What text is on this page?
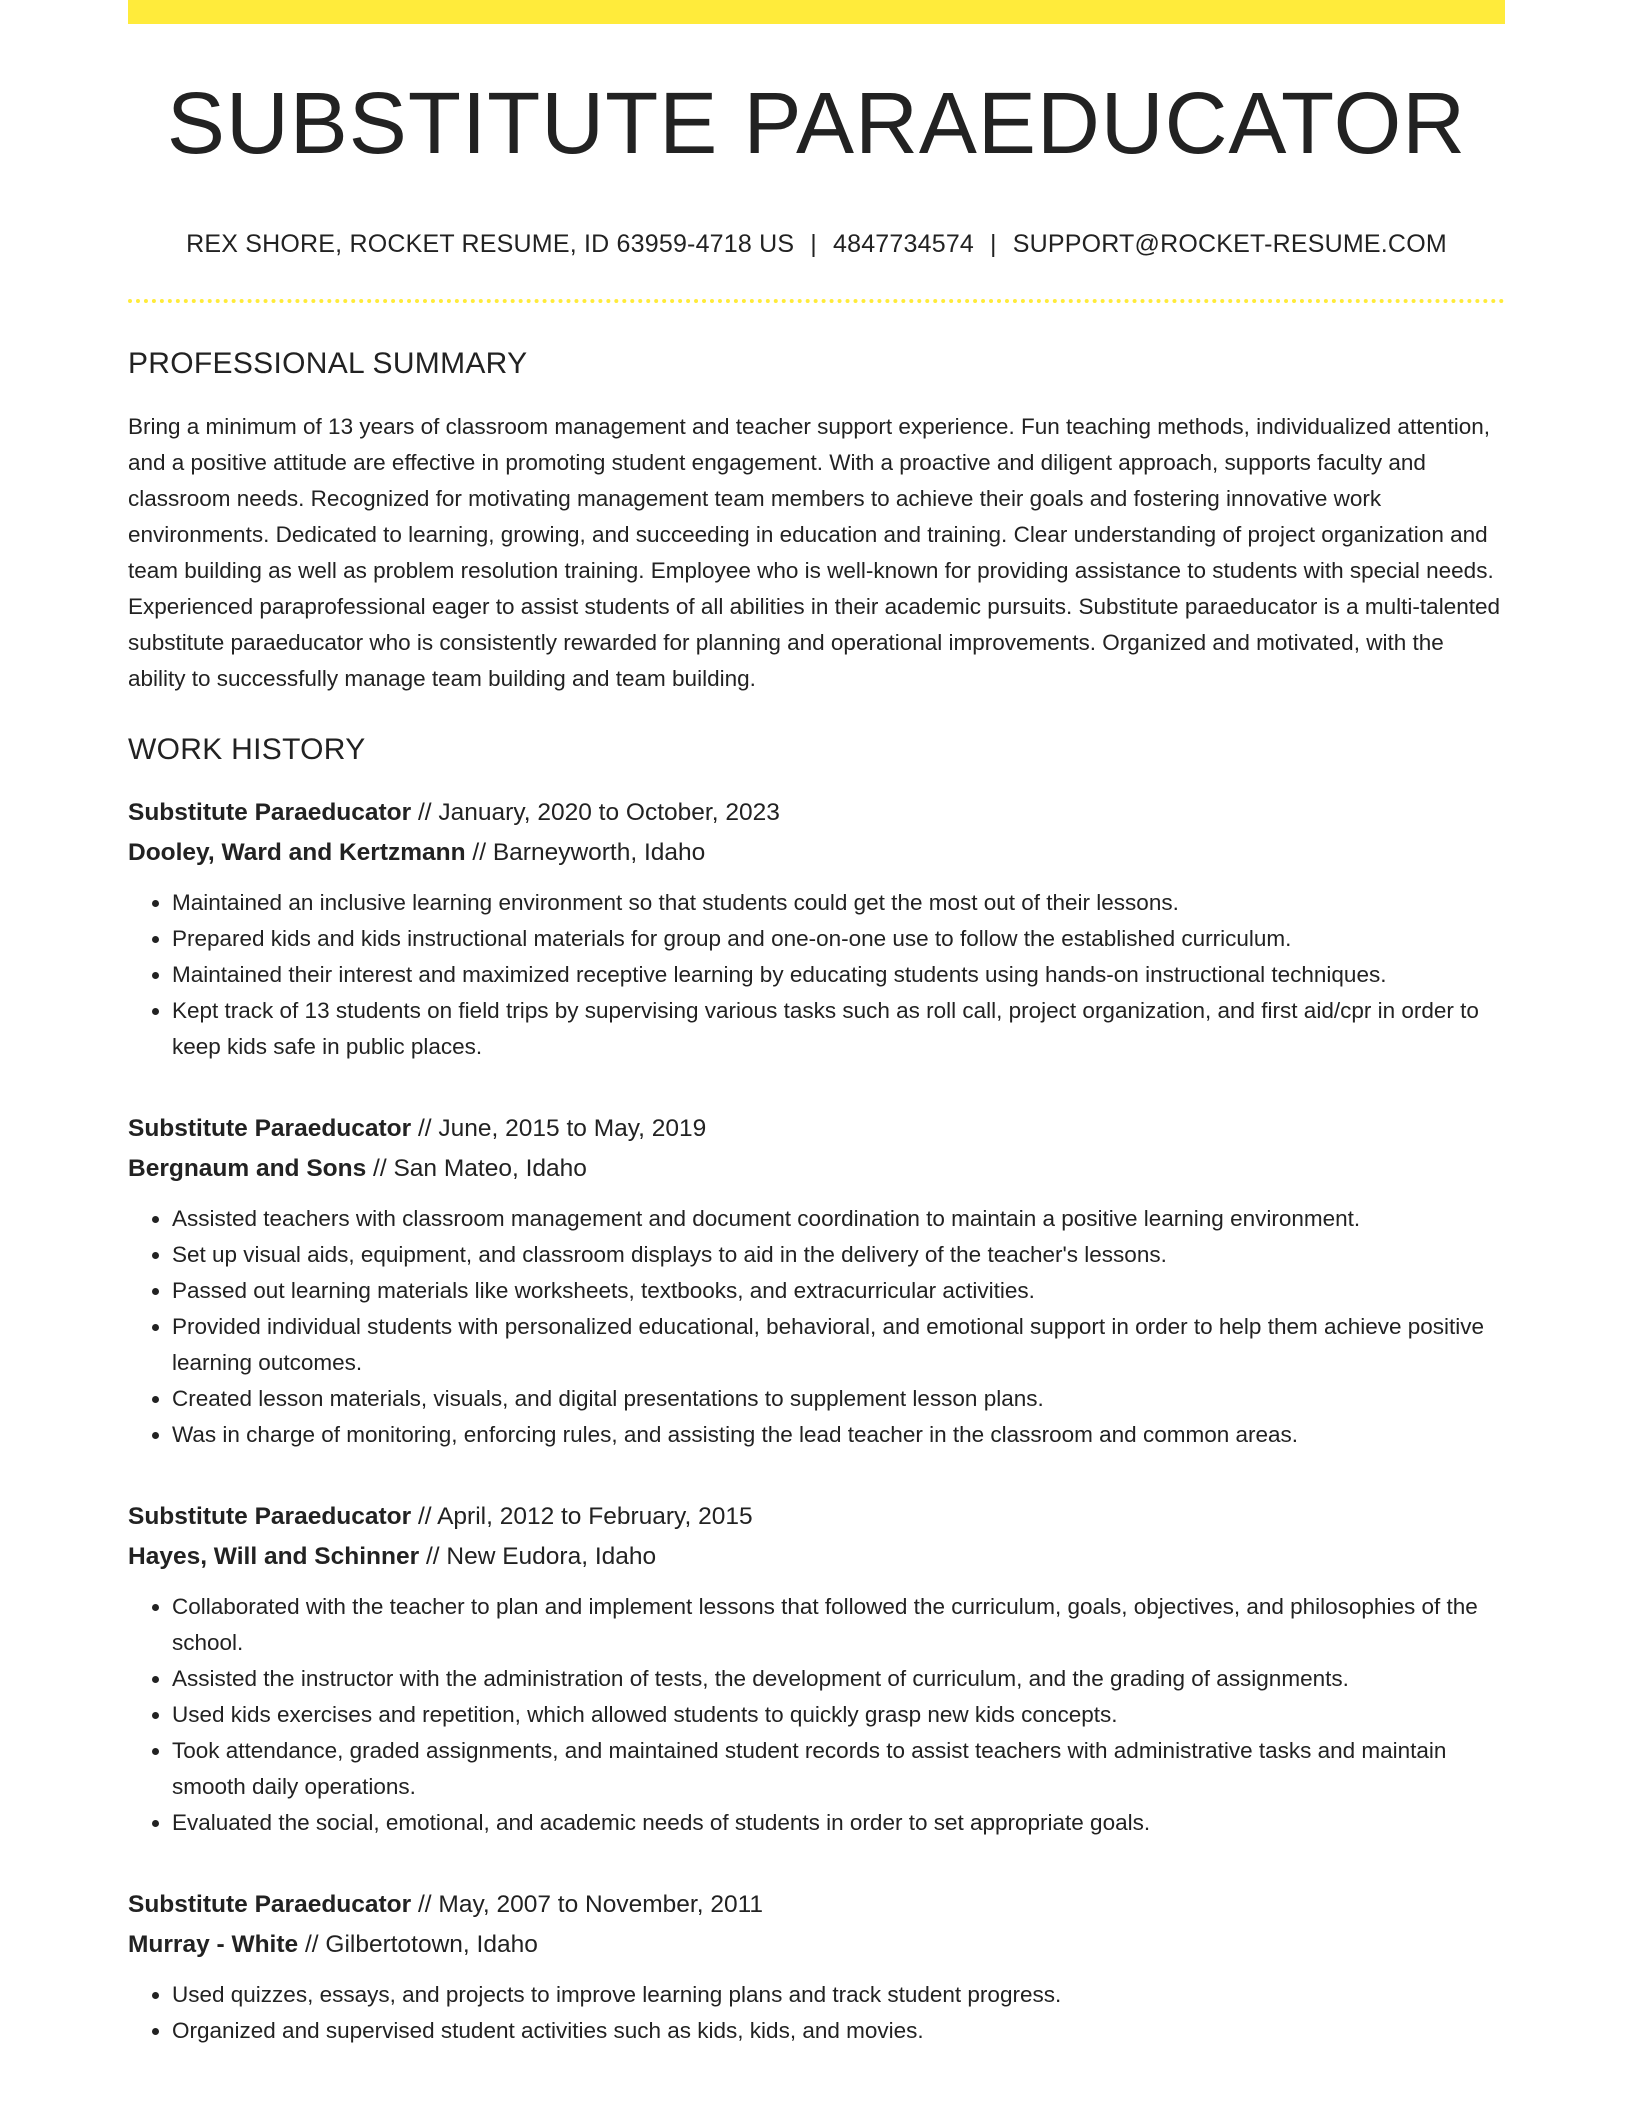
SUBSTITUTE PARAEDUCATOR
REX SHORE, ROCKET RESUME, ID 63959-4718 US | 4847734574 | SUPPORT@ROCKET-RESUME.COM
PROFESSIONAL SUMMARY

Bring a minimum of 13 years of classroom management and teacher support experience. Fun teaching methods, individualized attention, and a positive attitude are effective in promoting student engagement. With a proactive and diligent approach, supports faculty and classroom needs. Recognized for motivating management team members to achieve their goals and fostering innovative work environments. Dedicated to learning, growing, and succeeding in education and training. Clear understanding of project organization and team building as well as problem resolution training. Employee who is well-known for providing assistance to students with special needs. Experienced paraprofessional eager to assist students of all abilities in their academic pursuits. Substitute paraeducator is a multi-talented substitute paraeducator who is consistently rewarded for planning and operational improvements. Organized and motivated, with the ability to successfully manage team building and team building.

WORK HISTORY
Substitute Paraeducator // January, 2020 to October, 2023
Dooley, Ward and Kertzmann // Barneyworth, Idaho
• Maintained an inclusive learning environment so that students could get the most out of their lessons.
• Prepared kids and kids instructional materials for group and one-on-one use to follow the established curriculum.
• Maintained their interest and maximized receptive learning by educating students using hands-on instructional techniques.
• Kept track of 13 students on field trips by supervising various tasks such as roll call, project organization, and first aid/cpr in order to keep kids safe in public places.
Substitute Paraeducator // June, 2015 to May, 2019
Bergnaum and Sons // San Mateo, Idaho
• Assisted teachers with classroom management and document coordination to maintain a positive learning environment.
• Set up visual aids, equipment, and classroom displays to aid in the delivery of the teacher's lessons.
• Passed out learning materials like worksheets, textbooks, and extracurricular activities.
• Provided individual students with personalized educational, behavioral, and emotional support in order to help them achieve positive learning outcomes.
• Created lesson materials, visuals, and digital presentations to supplement lesson plans.
• Was in charge of monitoring, enforcing rules, and assisting the lead teacher in the classroom and common areas.
Substitute Paraeducator // April, 2012 to February, 2015
Hayes, Will and Schinner // New Eudora, Idaho
• Collaborated with the teacher to plan and implement lessons that followed the curriculum, goals, objectives, and philosophies of the school.
• Assisted the instructor with the administration of tests, the development of curriculum, and the grading of assignments.
• Used kids exercises and repetition, which allowed students to quickly grasp new kids concepts.
• Took attendance, graded assignments, and maintained student records to assist teachers with administrative tasks and maintain smooth daily operations.
• Evaluated the social, emotional, and academic needs of students in order to set appropriate goals.
Substitute Paraeducator // May, 2007 to November, 2011
Murray - White // Gilbertotown, Idaho
• Used quizzes, essays, and projects to improve learning plans and track student progress.
• Organized and supervised student activities such as kids, kids, and movies.
